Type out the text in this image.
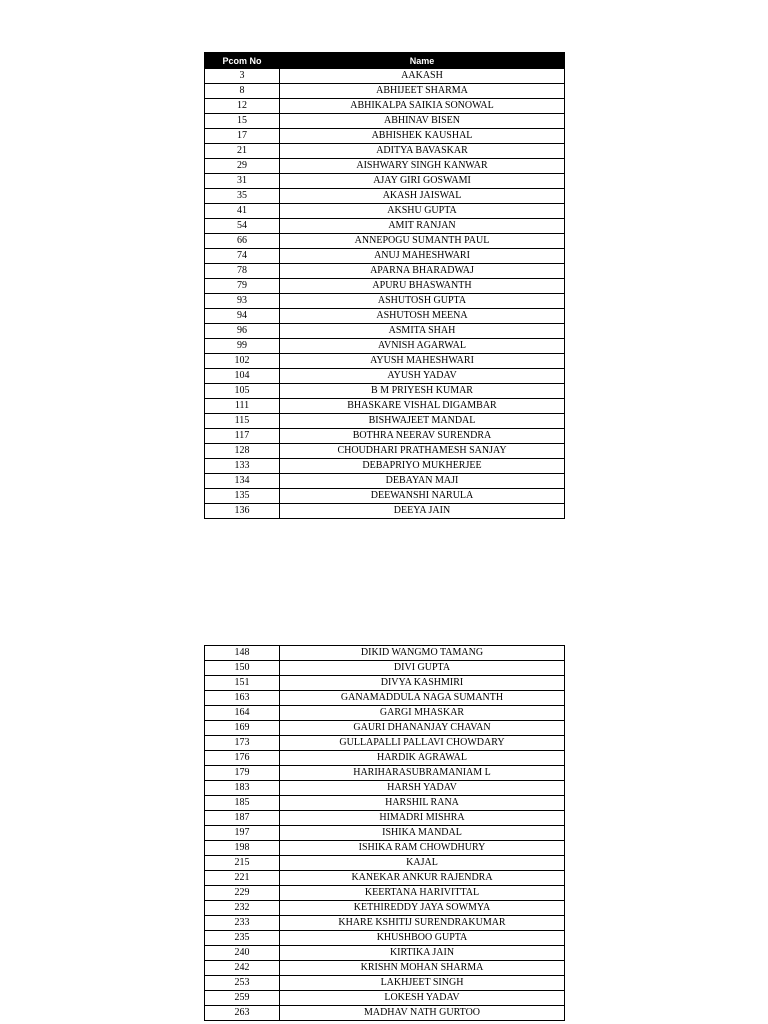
Pcom No	Name
3	AAKASH
8	ABHIJEET SHARMA
12	ABHIKALPA SAIKIA SONOWAL
15	ABHINAV BISEN
17	ABHISHEK KAUSHAL
21	ADITYA BAVASKAR
29	AISHWARY SINGH KANWAR
31	AJAY GIRI GOSWAMI
35	AKASH JAISWAL
41	AKSHU GUPTA
54	AMIT RANJAN
66	ANNEPOGU SUMANTH PAUL
74	ANUJ MAHESHWARI
78	APARNA BHARADWAJ
79	APURU BHASWANTH
93	ASHUTOSH GUPTA
94	ASHUTOSH MEENA
96	ASMITA SHAH
99	AVNISH AGARWAL
102	AYUSH MAHESHWARI
104	AYUSH YADAV
105	B M PRIYESH KUMAR
111	BHASKARE VISHAL DIGAMBAR
115	BISHWAJEET MANDAL
117	BOTHRA NEERAV SURENDRA
128	CHOUDHARI PRATHAMESH SANJAY
133	DEBAPRIYO MUKHERJEE
134	DEBAYAN MAJI
135	DEEWANSHI NARULA
136	DEEYA JAIN
148	DIKID WANGMO TAMANG
150	DIVI GUPTA
151	DIVYA KASHMIRI
163	GANAMADDULA NAGA SUMANTH
164	GARGI MHASKAR
169	GAURI DHANANJAY CHAVAN
173	GULLAPALLI PALLAVI CHOWDARY
176	HARDIK AGRAWAL
179	HARIHARASUBRAMANIAM L
183	HARSH YADAV
185	HARSHIL RANA
187	HIMADRI MISHRA
197	ISHIKA MANDAL
198	ISHIKA RAM CHOWDHURY
215	KAJAL
221	KANEKAR ANKUR RAJENDRA
229	KEERTANA HARIVITTAL
232	KETHIREDDY JAYA SOWMYA
233	KHARE KSHITIJ SURENDRAKUMAR
235	KHUSHBOO GUPTA
240	KIRTIKA JAIN
242	KRISHN MOHAN SHARMA
253	LAKHJEET SINGH
259	LOKESH YADAV
263	MADHAV NATH GURTOO
